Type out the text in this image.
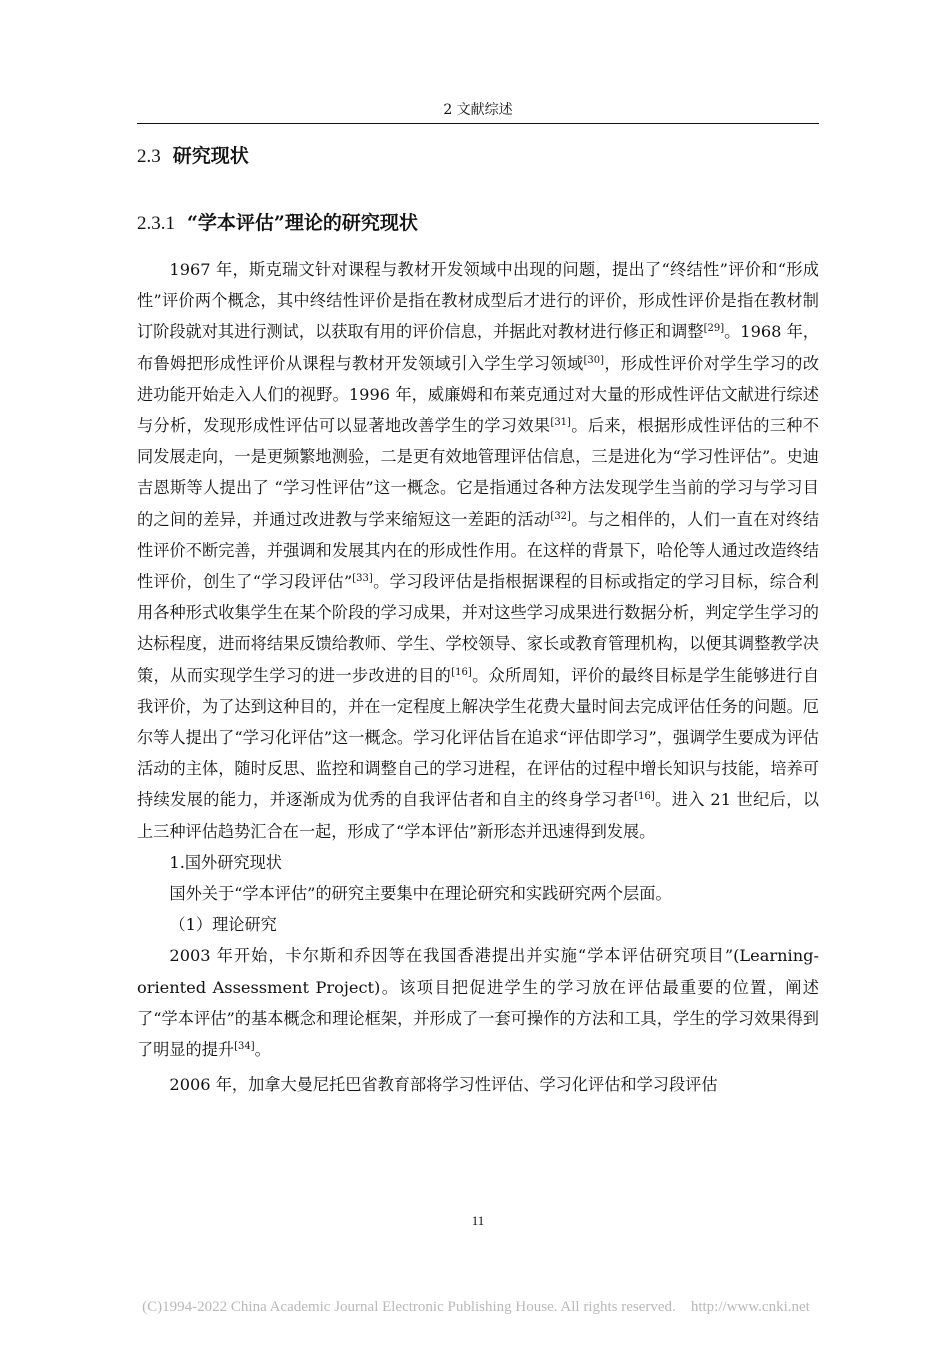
2 文献综述
2.3 研究现状
2.3.1 “学本评估”理论的研究现状

1967 年，斯克瑞文针对课程与教材开发领域中出现的问题，提出了“终结性”评价和“形成性”评价两个概念，其中终结性评价是指在教材成型后才进行的评价，形成性评价是指在教材制订阶段就对其进行测试，以获取有用的评价信息，并据此对教材进行修正和调整[29]。1968 年，布鲁姆把形成性评价从课程与教材开发领域引入学生学习领域[30]，形成性评价对学生学习的改进功能开始走入人们的视野。1996 年，威廉姆和布莱克通过对大量的形成性评估文献进行综述与分析，发现形成性评估可以显著地改善学生的学习效果[31]。后来，根据形成性评估的三种不同发展走向，一是更频繁地测验，二是更有效地管理评估信息，三是进化为“学习性评估”。史迪吉恩斯等人提出了 “学习性评估”这一概念。它是指通过各种方法发现学生当前的学习与学习目的之间的差异，并通过改进教与学来缩短这一差距的活动[32]。与之相伴的，人们一直在对终结性评价不断完善，并强调和发展其内在的形成性作用。在这样的背景下，哈伦等人通过改造终结性评价，创生了“学习段评估”[33]。学习段评估是指根据课程的目标或指定的学习目标，综合利用各种形式收集学生在某个阶段的学习成果，并对这些学习成果进行数据分析，判定学生学习的达标程度，进而将结果反馈给教师、学生、学校领导、家长或教育管理机构，以便其调整教学决策，从而实现学生学习的进一步改进的目的[16]。众所周知，评价的最终目标是学生能够进行自我评价，为了达到这种目的，并在一定程度上解决学生花费大量时间去完成评估任务的问题。厄尔等人提出了“学习化评估”这一概念。学习化评估旨在追求“评估即学习”，强调学生要成为评估活动的主体，随时反思、监控和调整自己的学习进程，在评估的过程中增长知识与技能，培养可持续发展的能力，并逐渐成为优秀的自我评估者和自主的终身学习者[16]。进入 21 世纪后，以上三种评估趋势汇合在一起，形成了“学本评估”新形态并迅速得到发展。

1.国外研究现状

国外关于“学本评估”的研究主要集中在理论研究和实践研究两个层面。

（1）理论研究

2003 年开始，卡尔斯和乔因等在我国香港提出并实施“学本评估研究项目”(Learning-oriented Assessment Project)。该项目把促进学生的学习放在评估最重要的位置，阐述了“学本评估”的基本概念和理论框架，并形成了一套可操作的方法和工具，学生的学习效果得到了明显的提升[34]。

2006 年，加拿大曼尼托巴省教育部将学习性评估、学习化评估和学习段评估

11
(C)1994-2022 China Academic Journal Electronic Publishing House. All rights reserved. http://www.cnki.net
